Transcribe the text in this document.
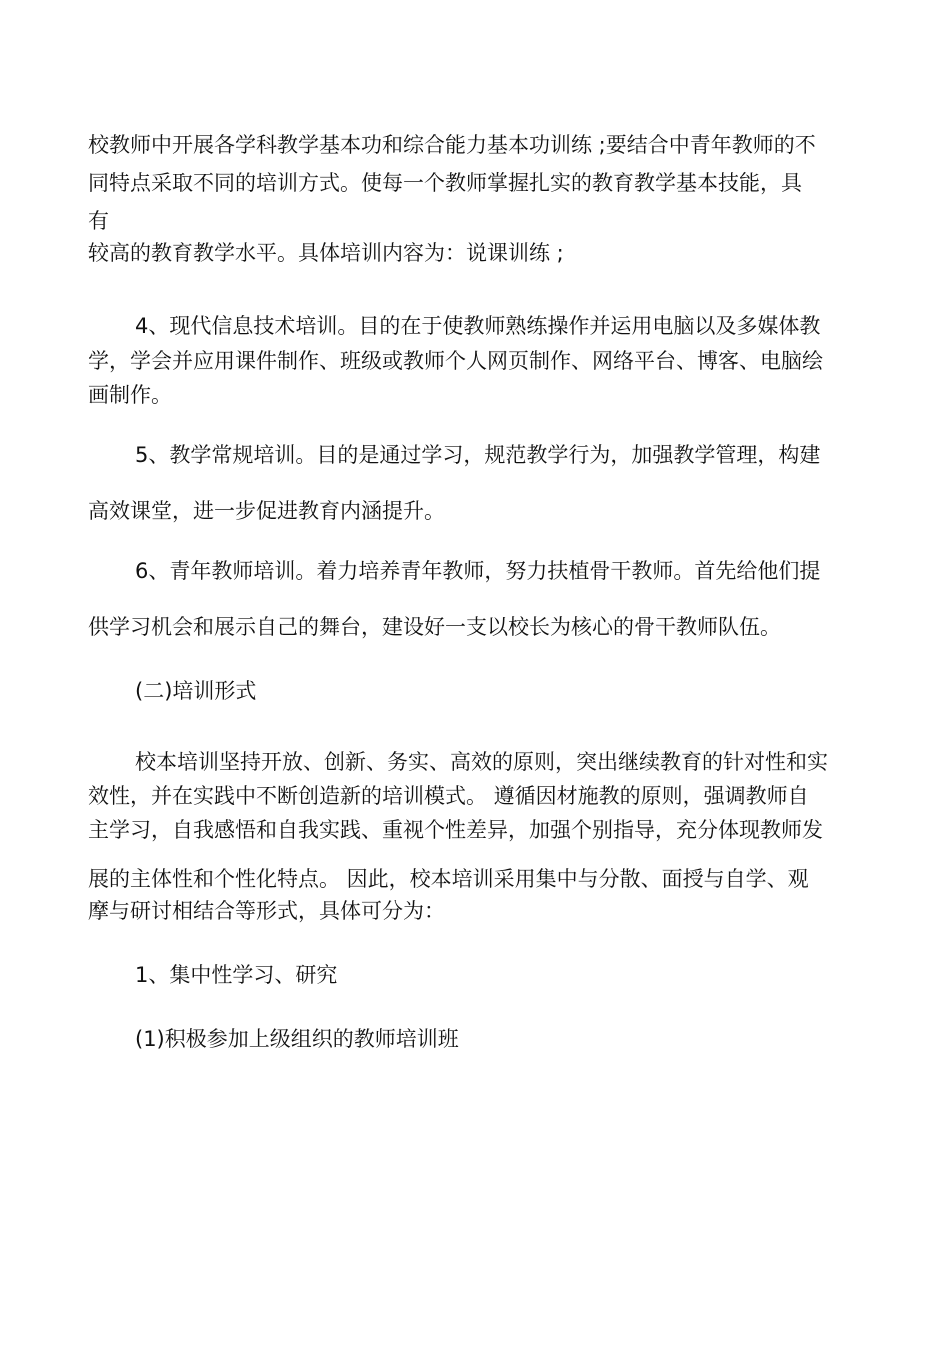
校教师中开展各学科教学基本功和综合能力基本功训练 ;要结合中青年教师的不
同特点采取不同的培训方式。使每一个教师掌握扎实的教育教学基本技能，具
有
较高的教育教学水平。具体培训内容为：说课训练 ;
4、现代信息技术培训。目的在于使教师熟练操作并运用电脑以及多媒体教
学，学会并应用课件制作、班级或教师个人网页制作、网络平台、博客、电脑绘
画制作。
5、教学常规培训。目的是通过学习，规范教学行为，加强教学管理，构建
高效课堂，进一步促进教育内涵提升。
6、青年教师培训。着力培养青年教师，努力扶植骨干教师。首先给他们提
供学习机会和展示自己的舞台，建设好一支以校长为核心的骨干教师队伍。
(二)培训形式
校本培训坚持开放、创新、务实、高效的原则，突出继续教育的针对性和实
效性，并在实践中不断创造新的培训模式。 遵循因材施教的原则，强调教师自
主学习，自我感悟和自我实践、重视个性差异，加强个别指导，充分体现教师发
展的主体性和个性化特点。 因此，校本培训采用集中与分散、面授与自学、观
摩与研讨相结合等形式，具体可分为：
1、集中性学习、研究
(1)积极参加上级组织的教师培训班
